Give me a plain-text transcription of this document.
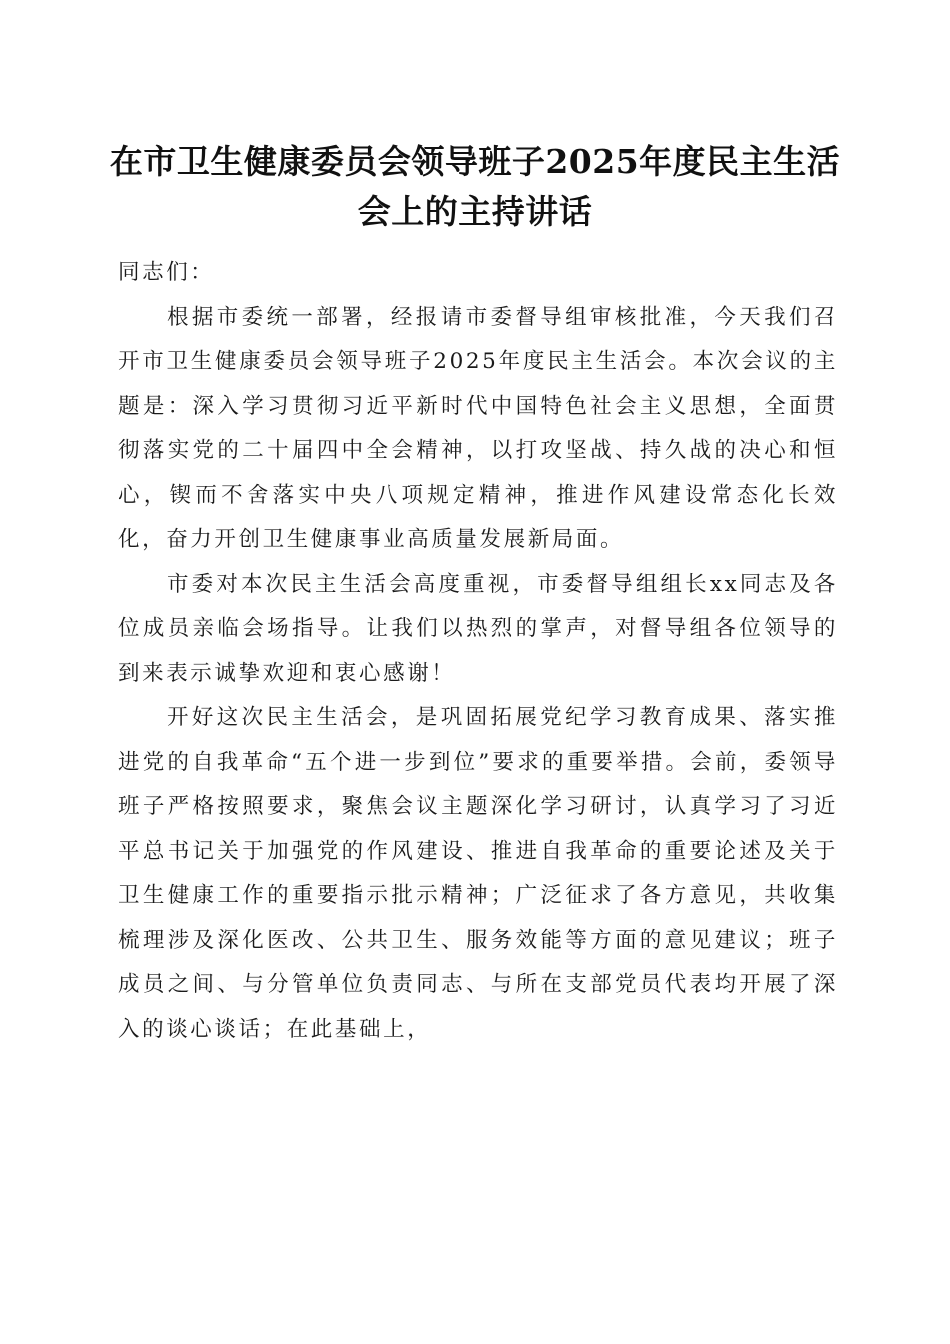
在市卫生健康委员会领导班子2025年度民主生活会上的主持讲话

同志们：

根据市委统一部署，经报请市委督导组审核批准，今天我们召开市卫生健康委员会领导班子2025年度民主生活会。本次会议的主题是：深入学习贯彻习近平新时代中国特色社会主义思想，全面贯彻落实党的二十届四中全会精神，以打攻坚战、持久战的决心和恒心，锲而不舍落实中央八项规定精神，推进作风建设常态化长效化，奋力开创卫生健康事业高质量发展新局面。

市委对本次民主生活会高度重视，市委督导组组长xx同志及各位成员亲临会场指导。让我们以热烈的掌声，对督导组各位领导的到来表示诚挚欢迎和衷心感谢！

开好这次民主生活会，是巩固拓展党纪学习教育成果、落实推进党的自我革命“五个进一步到位”要求的重要举措。会前，委领导班子严格按照要求，聚焦会议主题深化学习研讨，认真学习了习近平总书记关于加强党的作风建设、推进自我革命的重要论述及关于卫生健康工作的重要指示批示精神；广泛征求了各方意见，共收集梳理涉及深化医改、公共卫生、服务效能等方面的意见建议；班子成员之间、与分管单位负责同志、与所在支部党员代表均开展了深入的谈心谈话；在此基础上，
